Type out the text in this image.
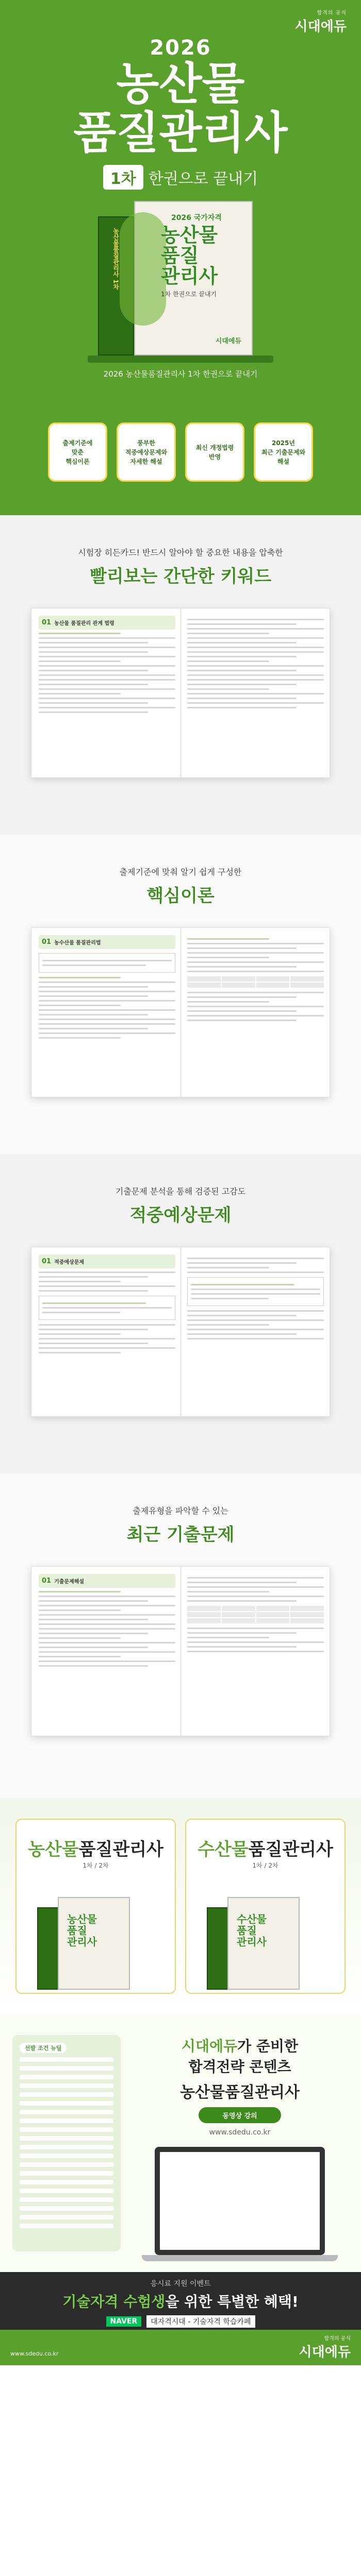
합격의 공식
시대에듀
2026
농산물
품질관리사
1차 한권으로 끝내기
농산물품질관리사 1차
2026 국가자격
농산물
품질
관리사
1차 한권으로 끝내기
시대에듀
2026 농산물품질관리사 1차 한권으로 끝내기
출제기준에
맞춘
핵심이론
풍부한
적중예상문제와
자세한 해설
최신 개정법령
반영
2025년
최근 기출문제와
해설
시험장 히든카드! 반드시 알아야 할 중요한 내용을 압축한
빨리보는 간단한 키워드
01 농산물 품질관리 관계 법령
출제기준에 맞춰 알기 쉽게 구성한
핵심이론
01 농수산물 품질관리법
기출문제 분석을 통해 검증된 고감도
적중예상문제
01 적중예상문제
출제유형을 파악할 수 있는
최근 기출문제
01 기출문제해설
농산물품질관리사
1차 / 2차
농산물
품질
관리사
수산물품질관리사
1차 / 2차
수산물
품질
관리사
선발 조건 뉴딜	시대에듀가 준비한
합격전략 콘텐츠
농산물품질관리사
동영상 강의
www.sdedu.co.kr
응시료 지원 이벤트
기술자격 수험생을 위한 특별한 혜택!
NAVER	대자격시대 - 기술자격 학습카페
www.sdedu.co.kr
합격의 공식
시대에듀
